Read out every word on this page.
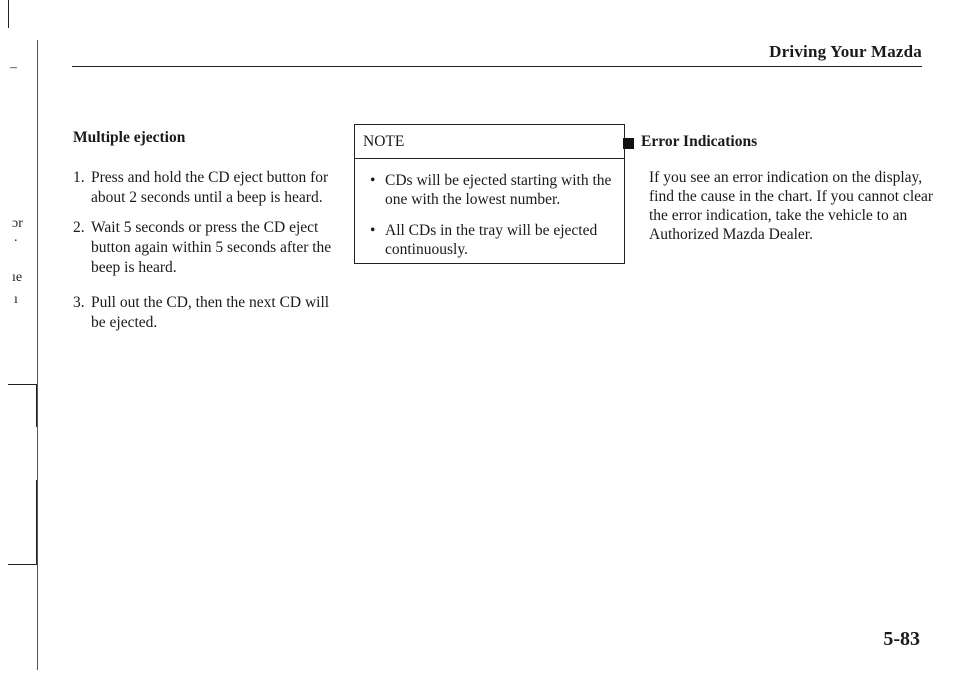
–
ɔr
.
ıe
ı
Driving Your Mazda
Multiple ejection
1. Press and hold the CD eject button for about 2 seconds until a beep is heard.
2. Wait 5 seconds or press the CD eject button again within 5 seconds after the beep is heard.
3. Pull out the CD, then the next CD will be ejected.
NOTE
• CDs will be ejected starting with the one with the lowest number.
• All CDs in the tray will be ejected continuously.
Error Indications
If you see an error indication on the display, find the cause in the chart. If you cannot clear the error indication, take the vehicle to an Authorized Mazda Dealer.
5-83
